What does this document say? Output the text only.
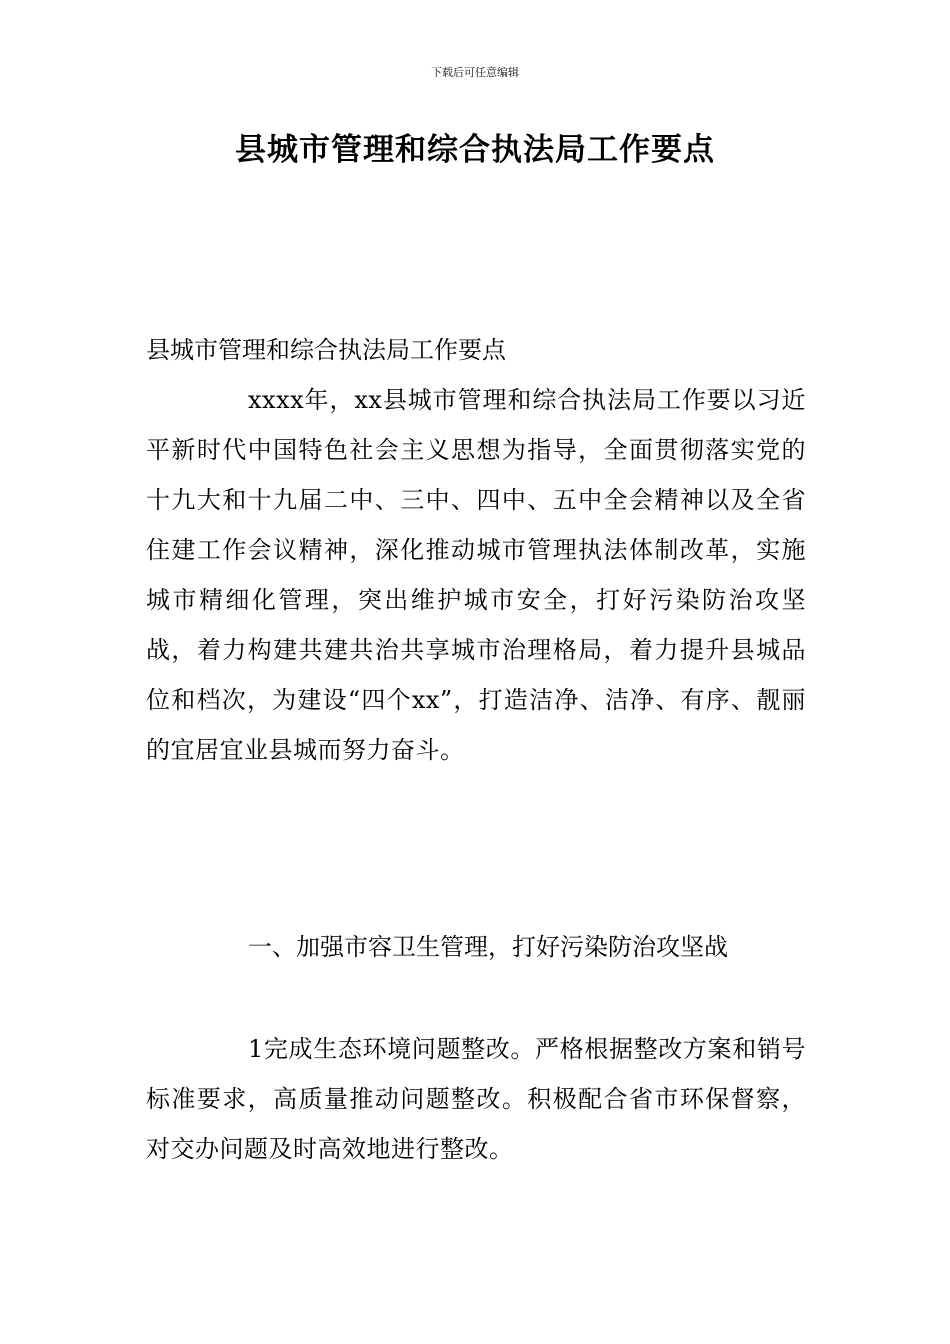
下载后可任意编辑
县城市管理和综合执法局工作要点

县城市管理和综合执法局工作要点

xxxx年，xx县城市管理和综合执法局工作要以习近平新时代中国特色社会主义思想为指导，全面贯彻落实党的十九大和十九届二中、三中、四中、五中全会精神以及全省住建工作会议精神，深化推动城市管理执法体制改革，实施城市精细化管理，突出维护城市安全，打好污染防治攻坚战，着力构建共建共治共享城市治理格局，着力提升县城品位和档次，为建设“四个xx”，打造洁净、洁净、有序、靓丽的宜居宜业县城而努力奋斗。

一、加强市容卫生管理，打好污染防治攻坚战

1完成生态环境问题整改。严格根据整改方案和销号标准要求，高质量推动问题整改。积极配合省市环保督察，对交办问题及时高效地进行整改。
